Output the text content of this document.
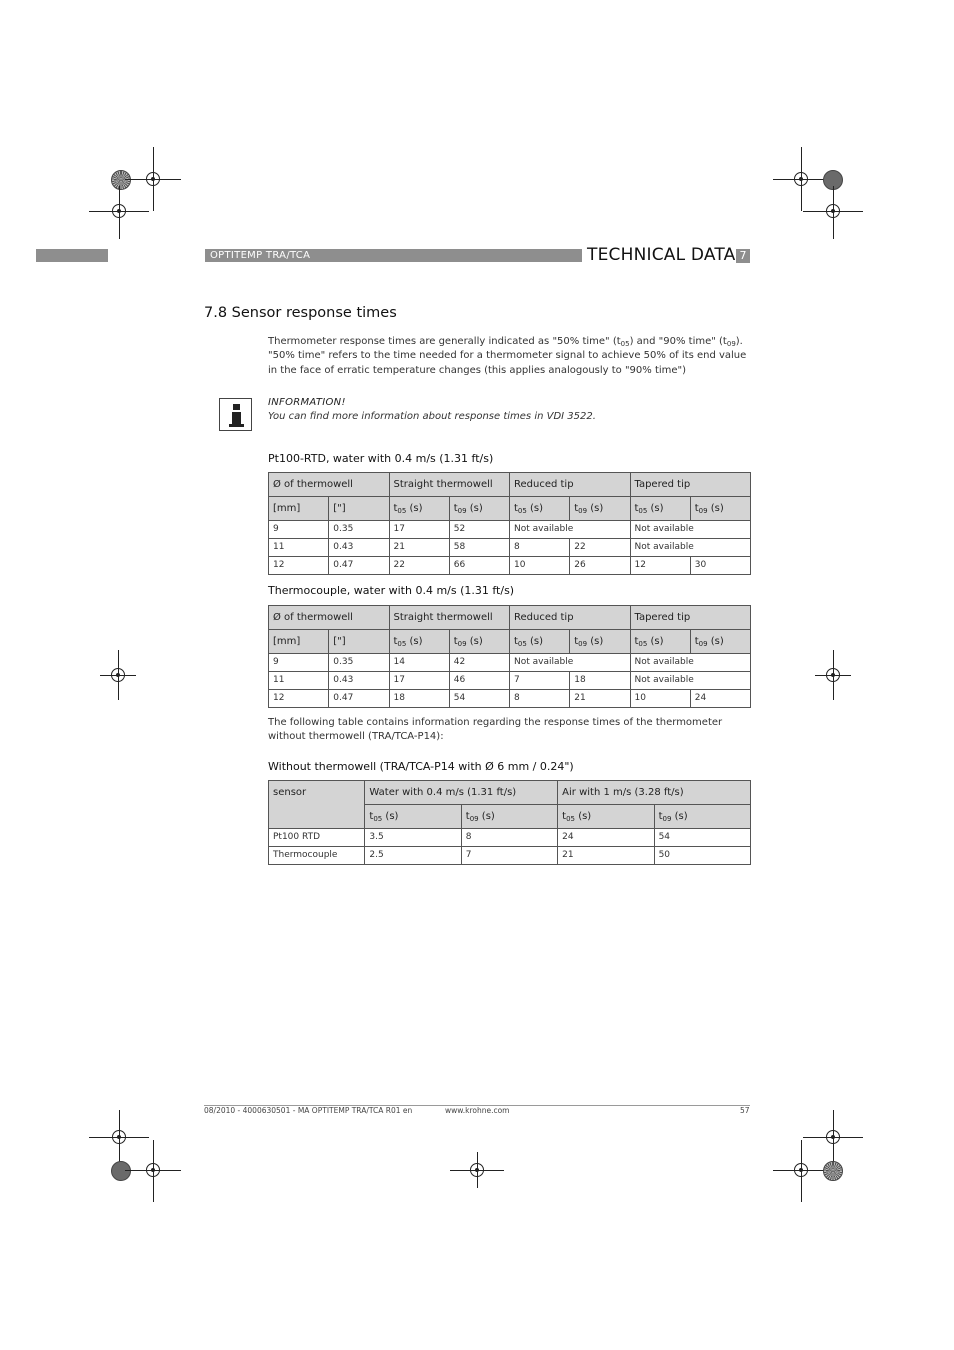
OPTITEMP TRA/TCA	TECHNICAL DATA 7
7.8 Sensor response times
Thermometer response times are generally indicated as "50% time" $(t_{05})$ and "90% time" $(t_{09})$.
"50% time" refers to the time needed for a thermometer signal to achieve 50% of its end value in the face of erratic temperature changes (this applies analogously to "90% time")
INFORMATION!
You can find more information about response times in VDI 3522.
Pt100-RTD, water with 0.4 m/s (1.31 ft/s)
Ø of thermowell		Straight thermowell		Reduced tip		Tapered tip	
[mm]	["]	$t_{05}$ (s)	$t_{09}$ (s)	$t_{05}$ (s)	$t_{09}$ (s)	$t_{05}$ (s)	$t_{09}$ (s)
9	0.35	17	52	Not available		Not available	
11	0.43	21	58	8	22	Not available	
12	0.47	22	66	10	26	12	30
Thermocouple, water with 0.4 m/s (1.31 ft/s)
Ø of thermowell		Straight thermowell		Reduced tip		Tapered tip	
[mm]	["]	$t_{05}$ (s)	$t_{09}$ (s)	$t_{05}$ (s)	$t_{09}$ (s)	$t_{05}$ (s)	$t_{09}$ (s)
9	0.35	14	42	Not available		Not available	
11	0.43	17	46	7	18	Not available	
12	0.47	18	54	8	21	10	24
The following table contains information regarding the response times of the thermometer without thermowell (TRA/TCA-P14):
Without thermowell (TRA/TCA-P14 with Ø 6 mm / 0.24")
sensor	Water with 0.4 m/s (1.31 ft/s)		Air with 1 m/s (3.28 ft/s)	
	$t_{05}$ (s)	$t_{09}$ (s)	$t_{05}$ (s)	$t_{09}$ (s)
Pt100 RTD	3.5	8	24	54
Thermocouple	2.5	7	21	50
08/2010 - 4000630501 - MA OPTITEMP TRA/TCA R01 en	www.krohne.com	57
